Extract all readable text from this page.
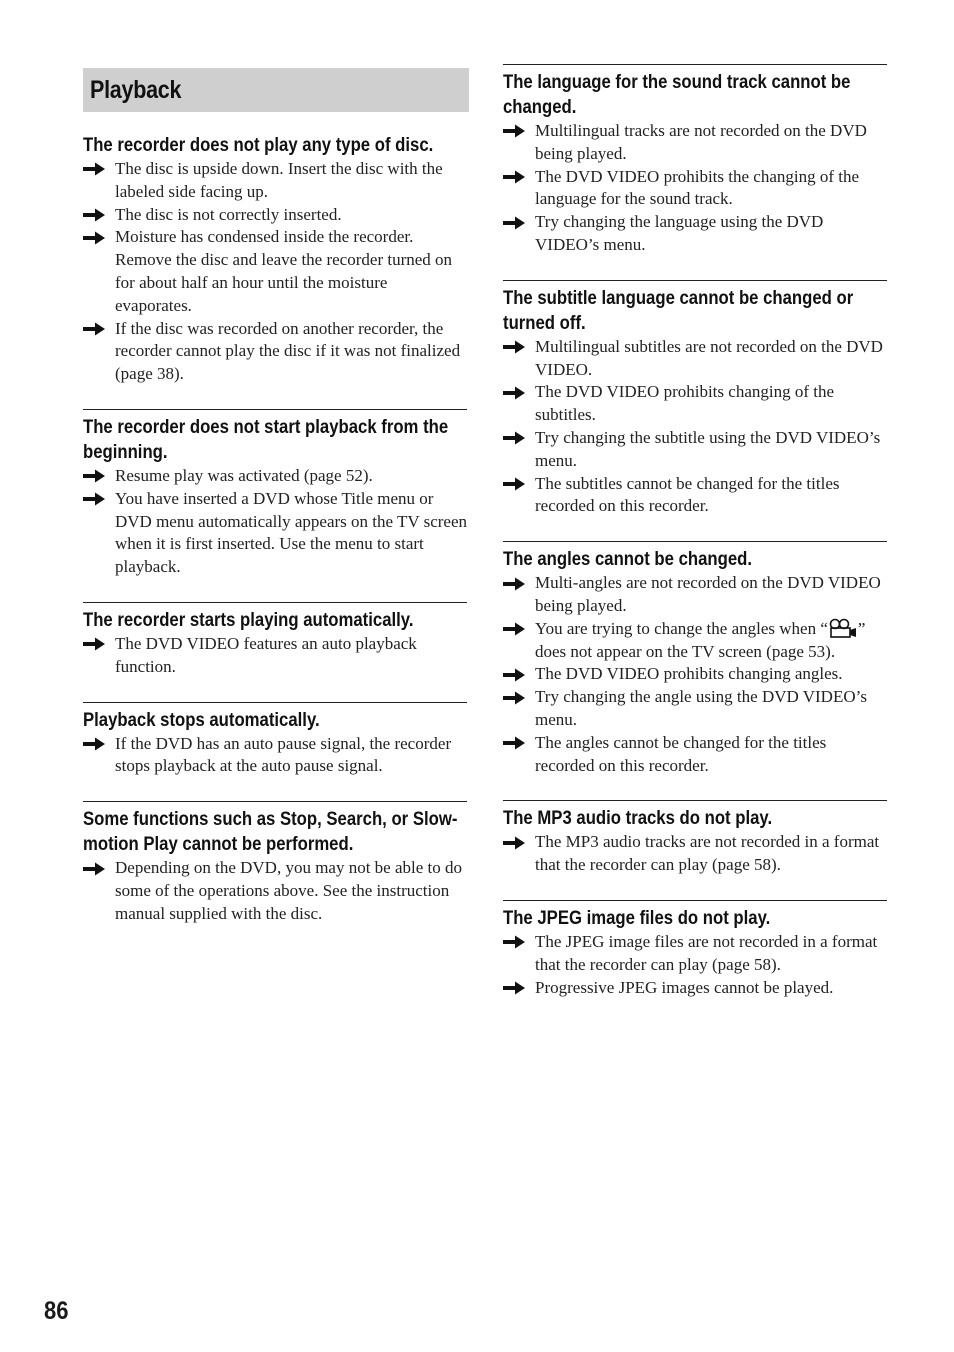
Playback
The recorder does not play any type of disc.
The disc is upside down. Insert the disc with the labeled side facing up.
The disc is not correctly inserted.
Moisture has condensed inside the recorder. Remove the disc and leave the recorder turned on for about half an hour until the moisture evaporates.
If the disc was recorded on another recorder, the recorder cannot play the disc if it was not finalized (page 38).
The recorder does not start playback from the beginning.
Resume play was activated (page 52).
You have inserted a DVD whose Title menu or DVD menu automatically appears on the TV screen when it is first inserted. Use the menu to start playback.
The recorder starts playing automatically.
The DVD VIDEO features an auto playback function.
Playback stops automatically.
If the DVD has an auto pause signal, the recorder stops playback at the auto pause signal.
Some functions such as Stop, Search, or Slow-motion Play cannot be performed.
Depending on the DVD, you may not be able to do some of the operations above. See the instruction manual supplied with the disc.
The language for the sound track cannot be changed.
Multilingual tracks are not recorded on the DVD being played.
The DVD VIDEO prohibits the changing of the language for the sound track.
Try changing the language using the DVD VIDEO’s menu.
The subtitle language cannot be changed or turned off.
Multilingual subtitles are not recorded on the DVD VIDEO.
The DVD VIDEO prohibits changing of the subtitles.
Try changing the subtitle using the DVD VIDEO’s menu.
The subtitles cannot be changed for the titles recorded on this recorder.
The angles cannot be changed.
Multi-angles are not recorded on the DVD VIDEO being played.
You are trying to change the angles when “ ” does not appear on the TV screen (page 53).
The DVD VIDEO prohibits changing angles.
Try changing the angle using the DVD VIDEO’s menu.
The angles cannot be changed for the titles recorded on this recorder.
The MP3 audio tracks do not play.
The MP3 audio tracks are not recorded in a format that the recorder can play (page 58).
The JPEG image files do not play.
The JPEG image files are not recorded in a format that the recorder can play (page 58).
Progressive JPEG images cannot be played.
86
